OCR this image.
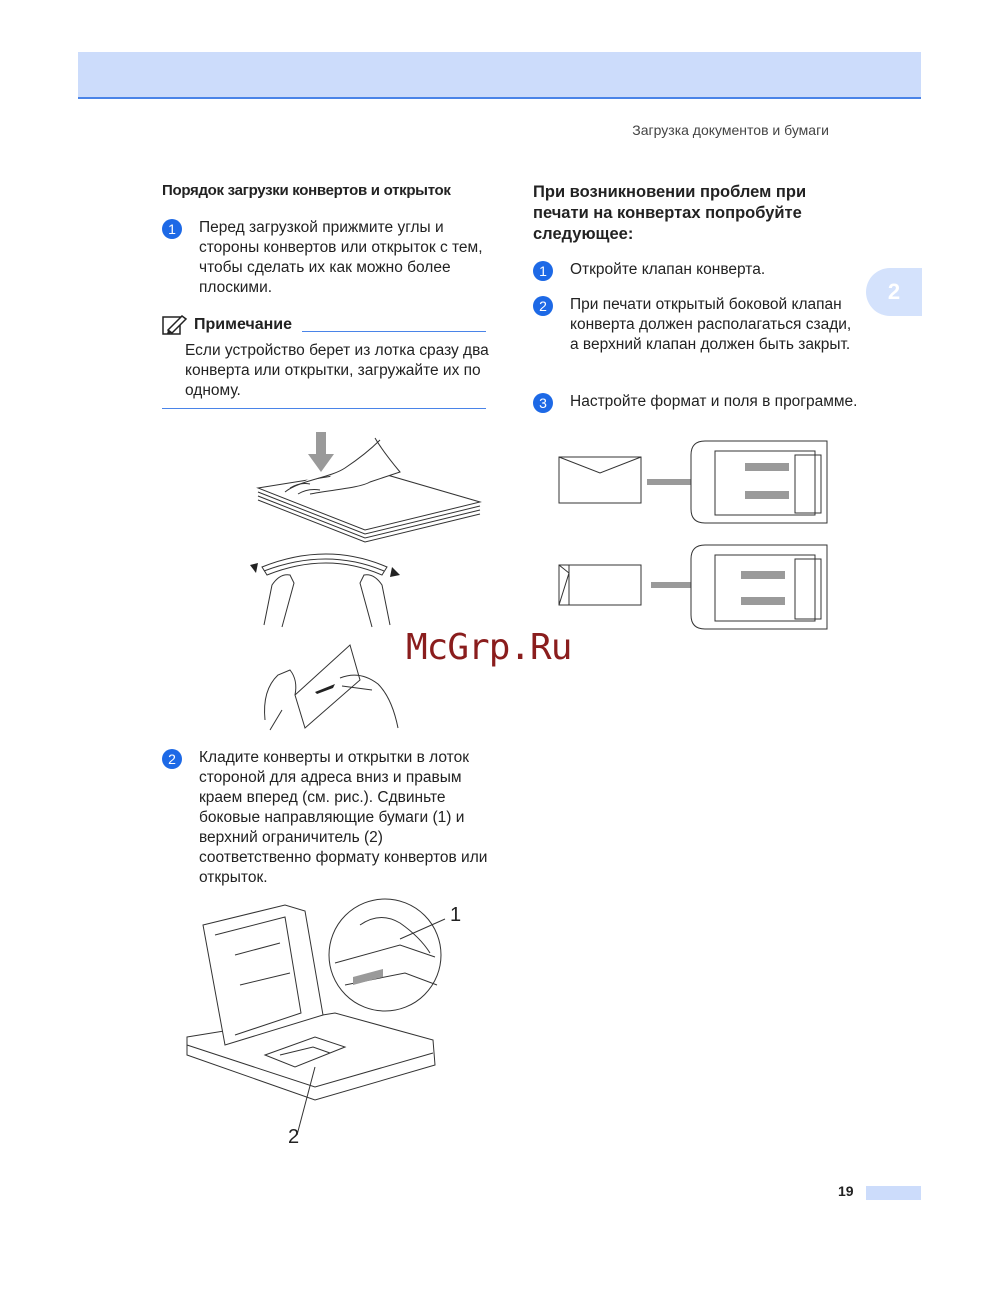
Загрузка документов и бумаги
2
Порядок загрузки конвертов и открыток
1	Перед загрузкой прижмите углы и стороны конвертов или открыток с тем, чтобы сделать их как можно более плоскими.
Примечание
Если устройство берет из лотка сразу два конверта или открытки, загружайте их по одному.
2	Кладите конверты и открытки в лоток стороной для адреса вниз и правым краем вперед (см. рис.). Сдвиньте боковые направляющие бумаги (1) и верхний ограничитель (2) соответственно формату конвертов или открыток.
1
2
При возникновении проблем при печати на конвертах попробуйте следующее:
1	Откройте клапан конверта.
2	При печати открытый боковой клапан конверта должен располагаться сзади, а верхний клапан должен быть закрыт.
3	Настройте формат и поля в программе.
McGrp.Ru
19
